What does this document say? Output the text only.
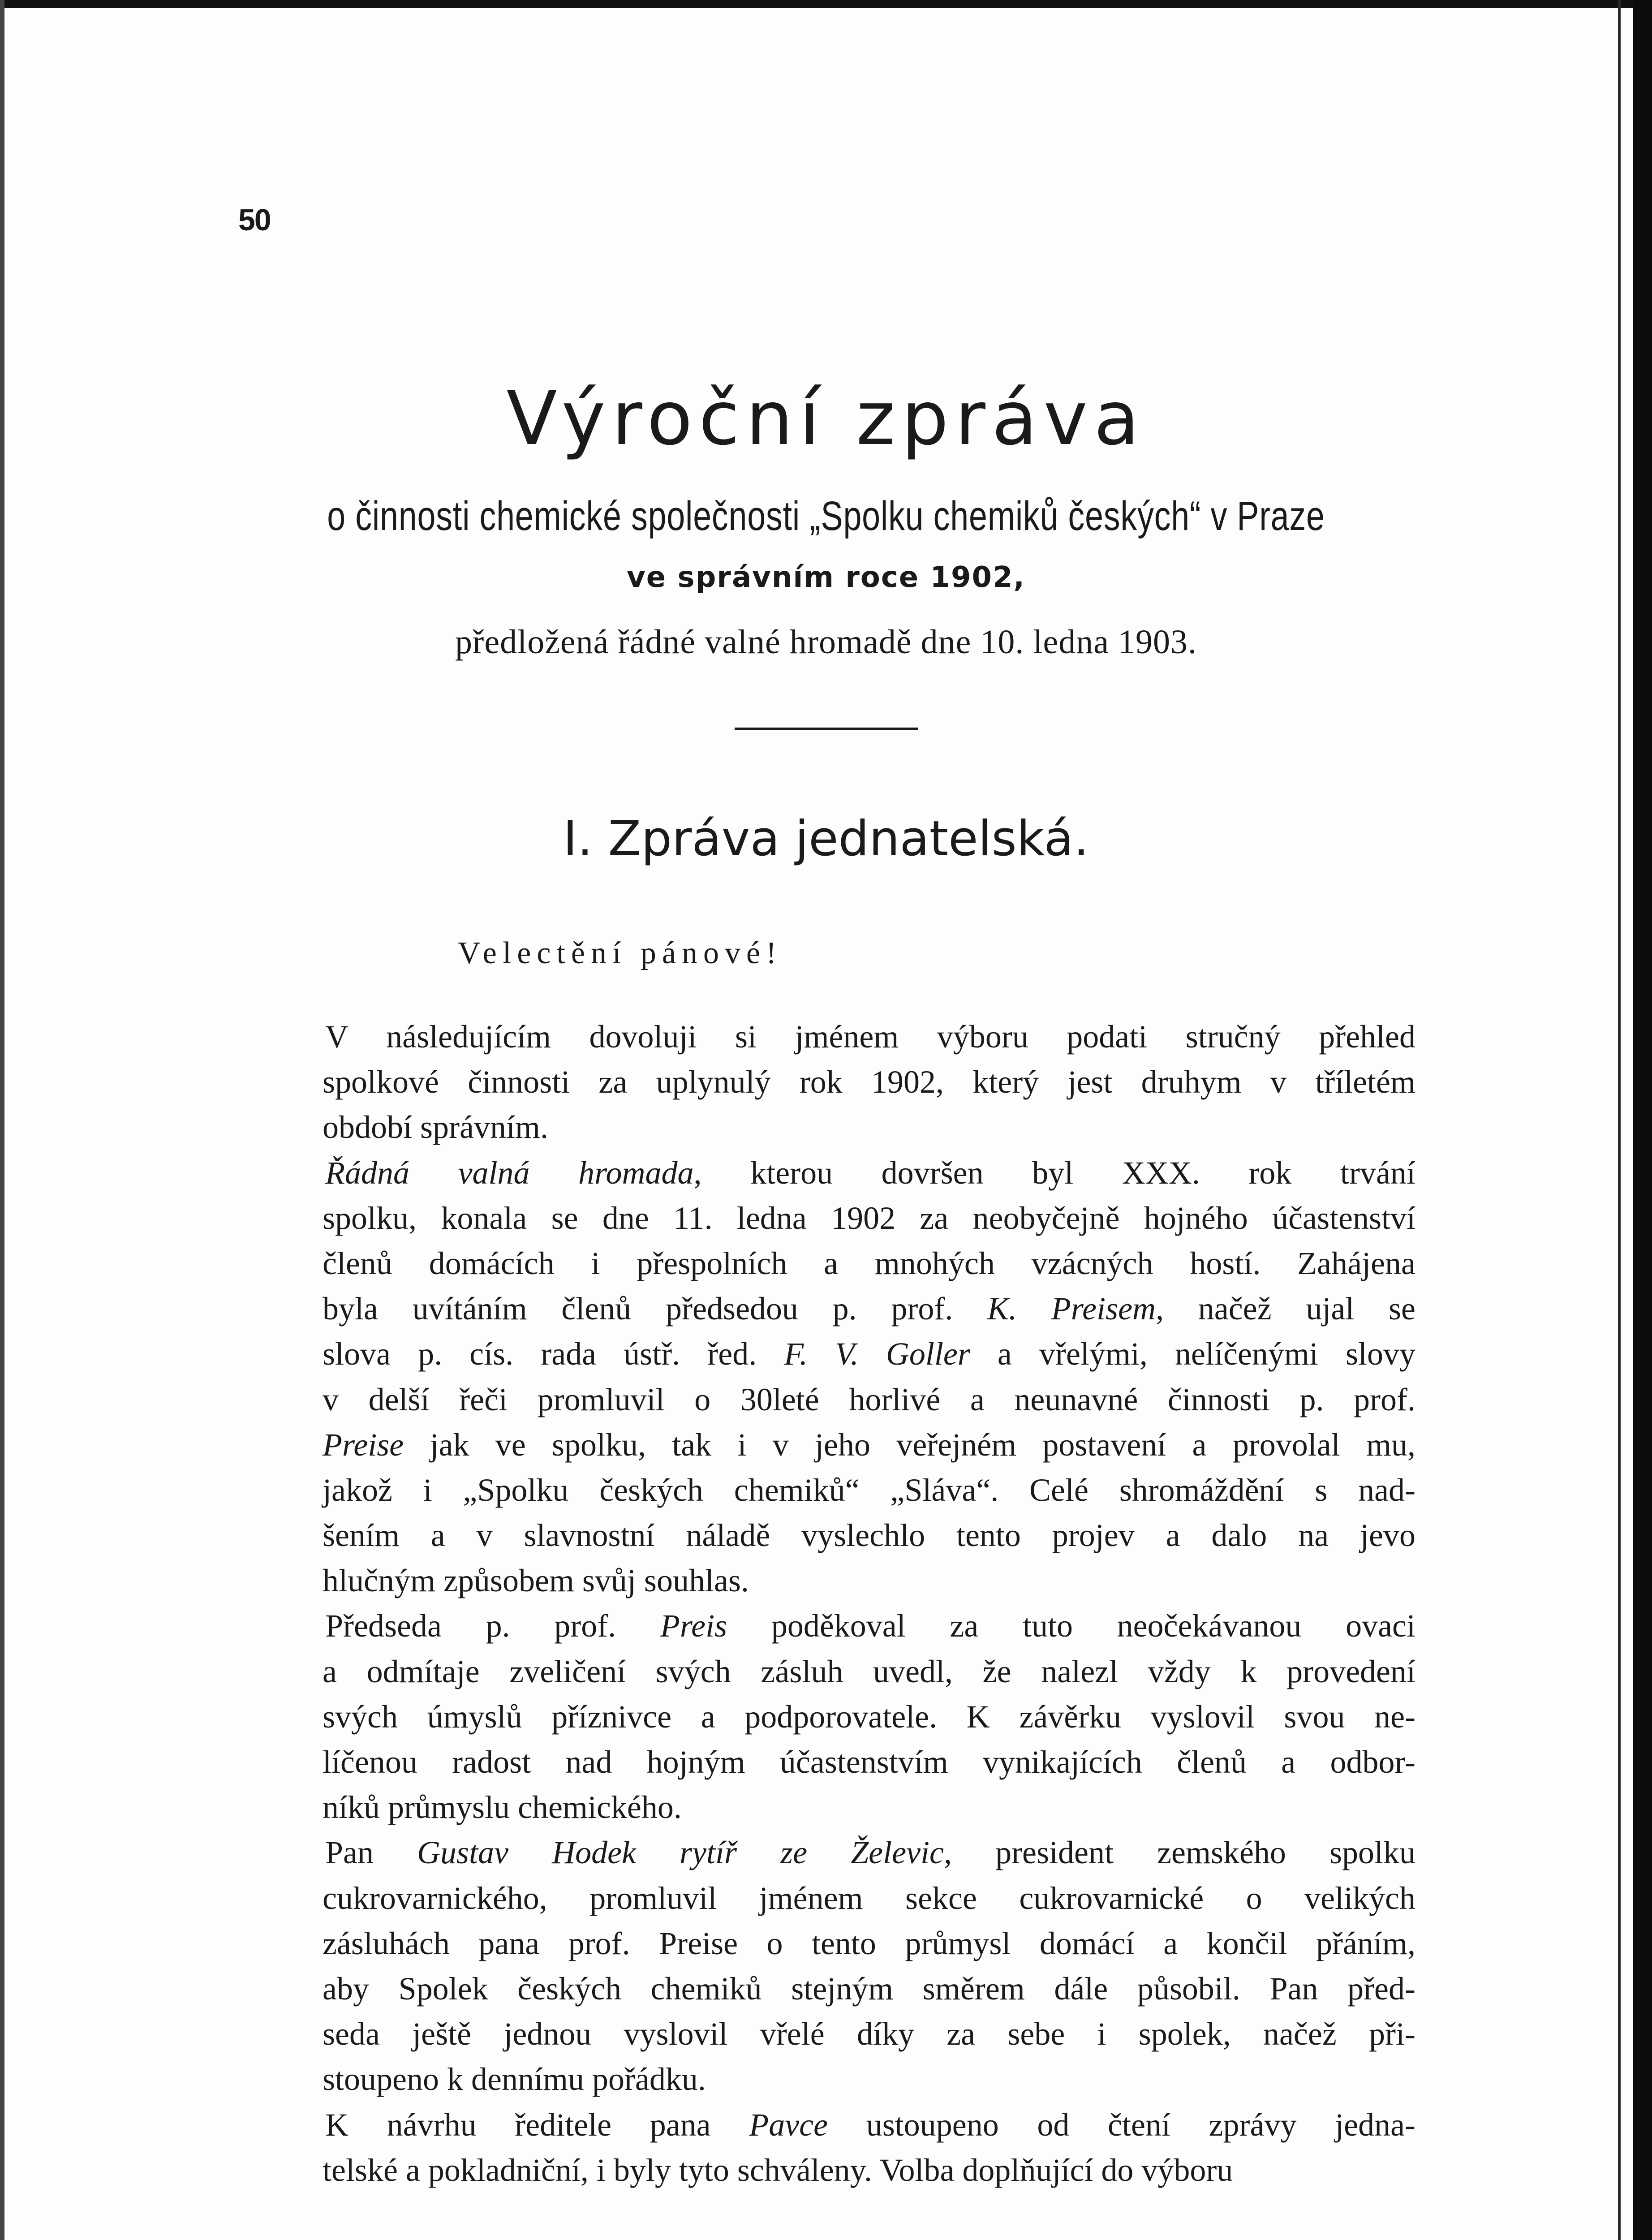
50
Výroční zpráva
o činnosti chemické společnosti „Spolku chemiků českých“ v Praze
ve správním roce 1902,
předložená řádné valné hromadě dne 10. ledna 1903.
I. Zpráva jednatelská.
Velectění pánové!
V následujícím dovoluji si jménem výboru podati stručný přehled
spolkové činnosti za uplynulý rok 1902, který jest druhym v tříletém
období správním.
Řádná valná hromada, kterou dovršen byl XXX. rok trvání
spolku, konala se dne 11. ledna 1902 za neobyčejně hojného účastenství
členů domácích i přespolních a mnohých vzácných hostí. Zahájena
byla uvítáním členů předsedou p. prof. K. Preisem, načež ujal se
slova p. cís. rada ústř. řed. F. V. Goller a vřelými, nelíčenými slovy
v delší řeči promluvil o 30leté horlivé a neunavné činnosti p. prof.
Preise jak ve spolku, tak i v jeho veřejném postavení a provolal mu,
jakož i „Spolku českých chemiků“ „Sláva“. Celé shromáždění s nad-
šením a v slavnostní náladě vyslechlo tento projev a dalo na jevo
hlučným způsobem svůj souhlas.
Předseda p. prof. Preis poděkoval za tuto neočekávanou ovaci
a odmítaje zveličení svých zásluh uvedl, že nalezl vždy k provedení
svých úmyslů příznivce a podporovatele. K závěrku vyslovil svou ne-
líčenou radost nad hojným účastenstvím vynikajících členů a odbor-
níků průmyslu chemického.
Pan Gustav Hodek rytíř ze Želevic, president zemského spolku
cukrovarnického, promluvil jménem sekce cukrovarnické o velikých
zásluhách pana prof. Preise o tento průmysl domácí a končil přáním,
aby Spolek českých chemiků stejným směrem dále působil. Pan před-
seda ještě jednou vyslovil vřelé díky za sebe i spolek, načež při-
stoupeno k dennímu pořádku.
K návrhu ředitele pana Pavce ustoupeno od čtení zprávy jedna-
telské a pokladniční, i byly tyto schváleny. Volba doplňující do výboru
